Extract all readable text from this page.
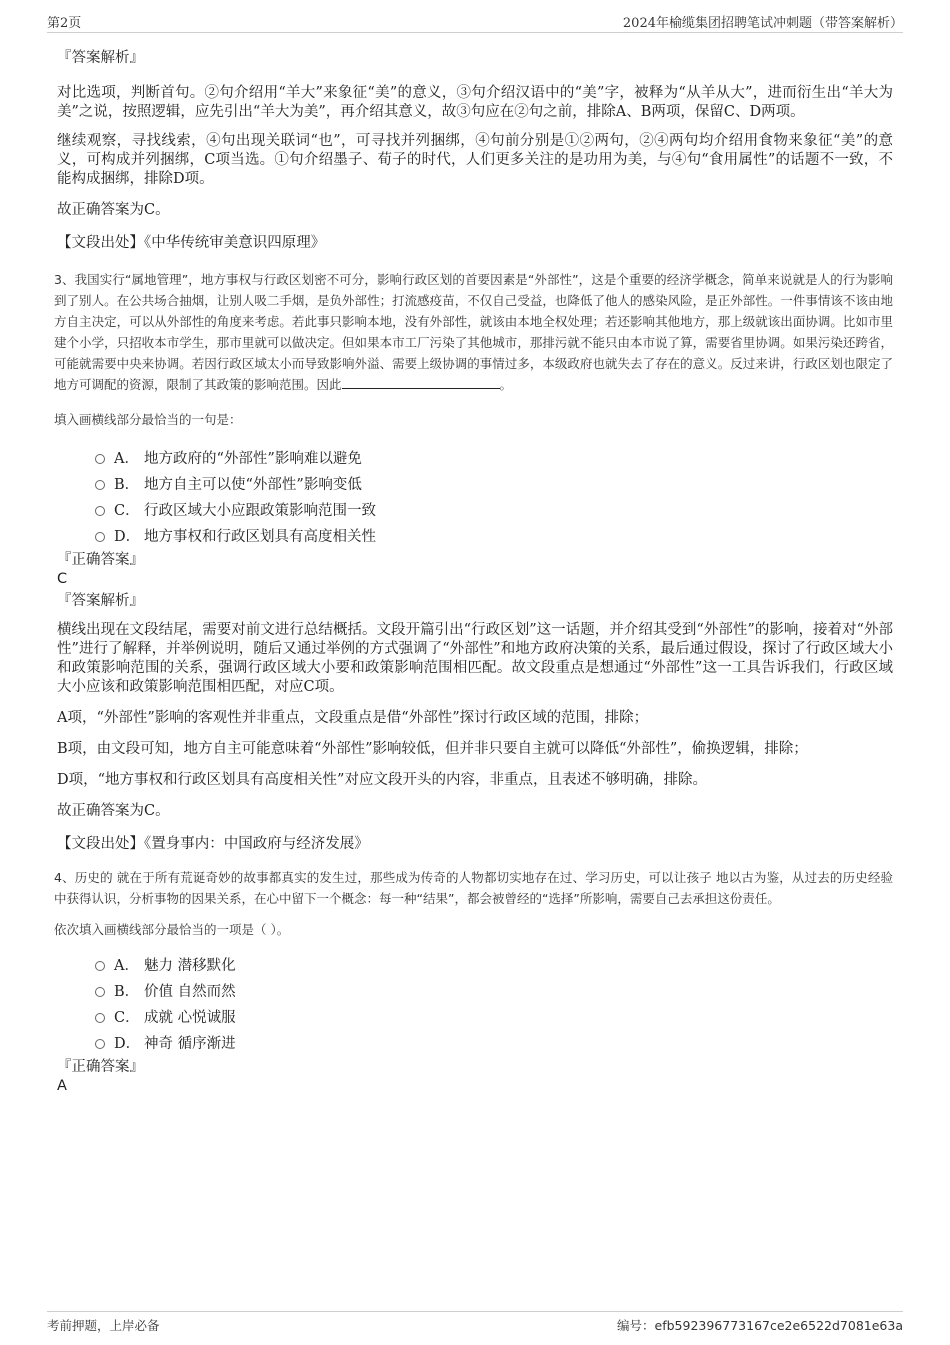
第2页	2024年榆缆集团招聘笔试冲刺题（带答案解析）

『答案解析』

对比选项，判断首句。②句介绍用“羊大”来象征“美”的意义，③句介绍汉语中的“美”字，被释为“从羊从大”，进而衍生出“羊大为美”之说，按照逻辑，应先引出“羊大为美”，再介绍其意义，故③句应在②句之前，排除A、B两项，保留C、D两项。

继续观察，寻找线索，④句出现关联词“也”，可寻找并列捆绑，④句前分别是①②两句，②④两句均介绍用食物来象征“美”的意义，可构成并列捆绑，C项当选。①句介绍墨子、荀子的时代，人们更多关注的是功用为美，与④句“食用属性”的话题不一致，不能构成捆绑，排除D项。

故正确答案为C。

【文段出处】《中华传统审美意识四原理》

3、我国实行“属地管理”，地方事权与行政区划密不可分，影响行政区划的首要因素是“外部性”，这是个重要的经济学概念，简单来说就是人的行为影响到了别人。在公共场合抽烟，让别人吸二手烟，是负外部性；打流感疫苗，不仅自己受益，也降低了他人的感染风险，是正外部性。一件事情该不该由地方自主决定，可以从外部性的角度来考虑。若此事只影响本地，没有外部性，就该由本地全权处理；若还影响其他地方，那上级就该出面协调。比如市里建个小学，只招收本市学生，那市里就可以做决定。但如果本市工厂污染了其他城市，那排污就不能只由本市说了算，需要省里协调。如果污染还跨省，可能就需要中央来协调。若因行政区域太小而导致影响外溢、需要上级协调的事情过多，本级政府也就失去了存在的意义。反过来讲，行政区划也限定了地方可调配的资源，限制了其政策的影响范围。因此	。

填入画横线部分最恰当的一句是：

A． 地方政府的“外部性”影响难以避免
B． 地方自主可以使“外部性”影响变低
C． 行政区域大小应跟政策影响范围一致
D． 地方事权和行政区划具有高度相关性

『正确答案』

C

『答案解析』

横线出现在文段结尾，需要对前文进行总结概括。文段开篇引出“行政区划”这一话题，并介绍其受到“外部性”的影响，接着对“外部性”进行了解释，并举例说明，随后又通过举例的方式强调了“外部性”和地方政府决策的关系，最后通过假设，探讨了行政区域大小和政策影响范围的关系，强调行政区域大小要和政策影响范围相匹配。故文段重点是想通过“外部性”这一工具告诉我们，行政区域大小应该和政策影响范围相匹配，对应C项。

A项，“外部性”影响的客观性并非重点，文段重点是借“外部性”探讨行政区域的范围，排除；

B项，由文段可知，地方自主可能意味着“外部性”影响较低，但并非只要自主就可以降低“外部性”，偷换逻辑，排除；

D项，“地方事权和行政区划具有高度相关性”对应文段开头的内容，非重点，且表述不够明确，排除。

故正确答案为C。

【文段出处】《置身事内：中国政府与经济发展》

4、历史的 就在于所有荒诞奇妙的故事都真实的发生过，那些成为传奇的人物都切实地存在过、学习历史，可以让孩子 地以古为鉴，从过去的历史经验中获得认识，分析事物的因果关系，在心中留下一个概念：每一种“结果”，都会被曾经的“选择”所影响，需要自己去承担这份责任。

依次填入画横线部分最恰当的一项是（ ）。

A． 魅力 潜移默化
B． 价值 自然而然
C． 成就 心悦诚服
D． 神奇 循序渐进

『正确答案』

A

考前押题，上岸必备	编号：efb592396773167ce2e6522d7081e63a
